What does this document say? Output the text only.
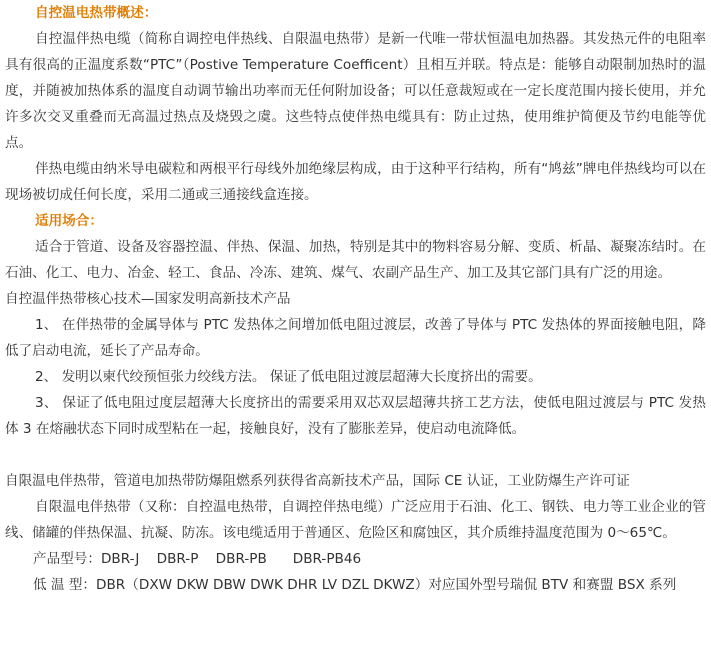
自控温电热带概述：

自控温伴热电缆（简称自调控电伴热线、自限温电热带）是新一代唯一带状恒温电加热器。其发热元件的电阻率具有很高的正温度系数“PTC”（Postive Temperature Coefficent）且相互并联。特点是：能够自动限制加热时的温度，并随被加热体系的温度自动调节输出功率而无任何附加设备；可以任意裁短或在一定长度范围内接长使用，并允许多次交叉重叠而无高温过热点及烧毁之虞。这些特点使伴热电缆具有：防止过热，使用维护简便及节约电能等优点。

伴热电缆由纳米导电碳粒和两根平行母线外加绝缘层构成，由于这种平行结构，所有“鸠兹”牌电伴热线均可以在现场被切成任何长度，采用二通或三通接线盒连接。

适用场合：

适合于管道、设备及容器控温、伴热、保温、加热，特别是其中的物料容易分解、变质、析晶、凝聚冻结时。在石油、化工、电力、冶金、轻工、食品、冷冻、建筑、煤气、农副产品生产、加工及其它部门具有广泛的用途。

自控温伴热带核心技术—国家发明高新技术产品

1、 在伴热带的金属导体与 PTC 发热体之间增加低电阻过渡层，改善了导体与 PTC 发热体的界面接触电阻，降低了启动电流，延长了产品寿命。

2、 发明以柬代绞预恒张力绞线方法。 保证了低电阻过渡层超薄大长度挤出的需要。

3、 保证了低电阻过度层超薄大长度挤出的需要采用双芯双层超薄共挤工艺方法，使低电阻过渡层与 PTC 发热体 3 在熔融状态下同时成型粘在一起，接触良好，没有了膨胀差异，使启动电流降低。

自限温电伴热带，管道电加热带防爆阻燃系列获得省高新技术产品，国际 CE 认证，工业防爆生产许可证

自限温电伴热带（又称：自控温电热带，自调控伴热电缆）广泛应用于石油、化工、钢铁、电力等工业企业的管线、储罐的伴热保温、抗凝、防冻。该电缆适用于普通区、危险区和腐蚀区，其介质维持温度范围为 0～65℃。

产品型号：DBR-J    DBR-P    DBR-PB      DBR-PB46

低 温 型：DBR（DXW DKW DBW DWK DHR LV DZL DKWZ）对应国外型号瑞侃 BTV 和赛盟 BSX 系列
